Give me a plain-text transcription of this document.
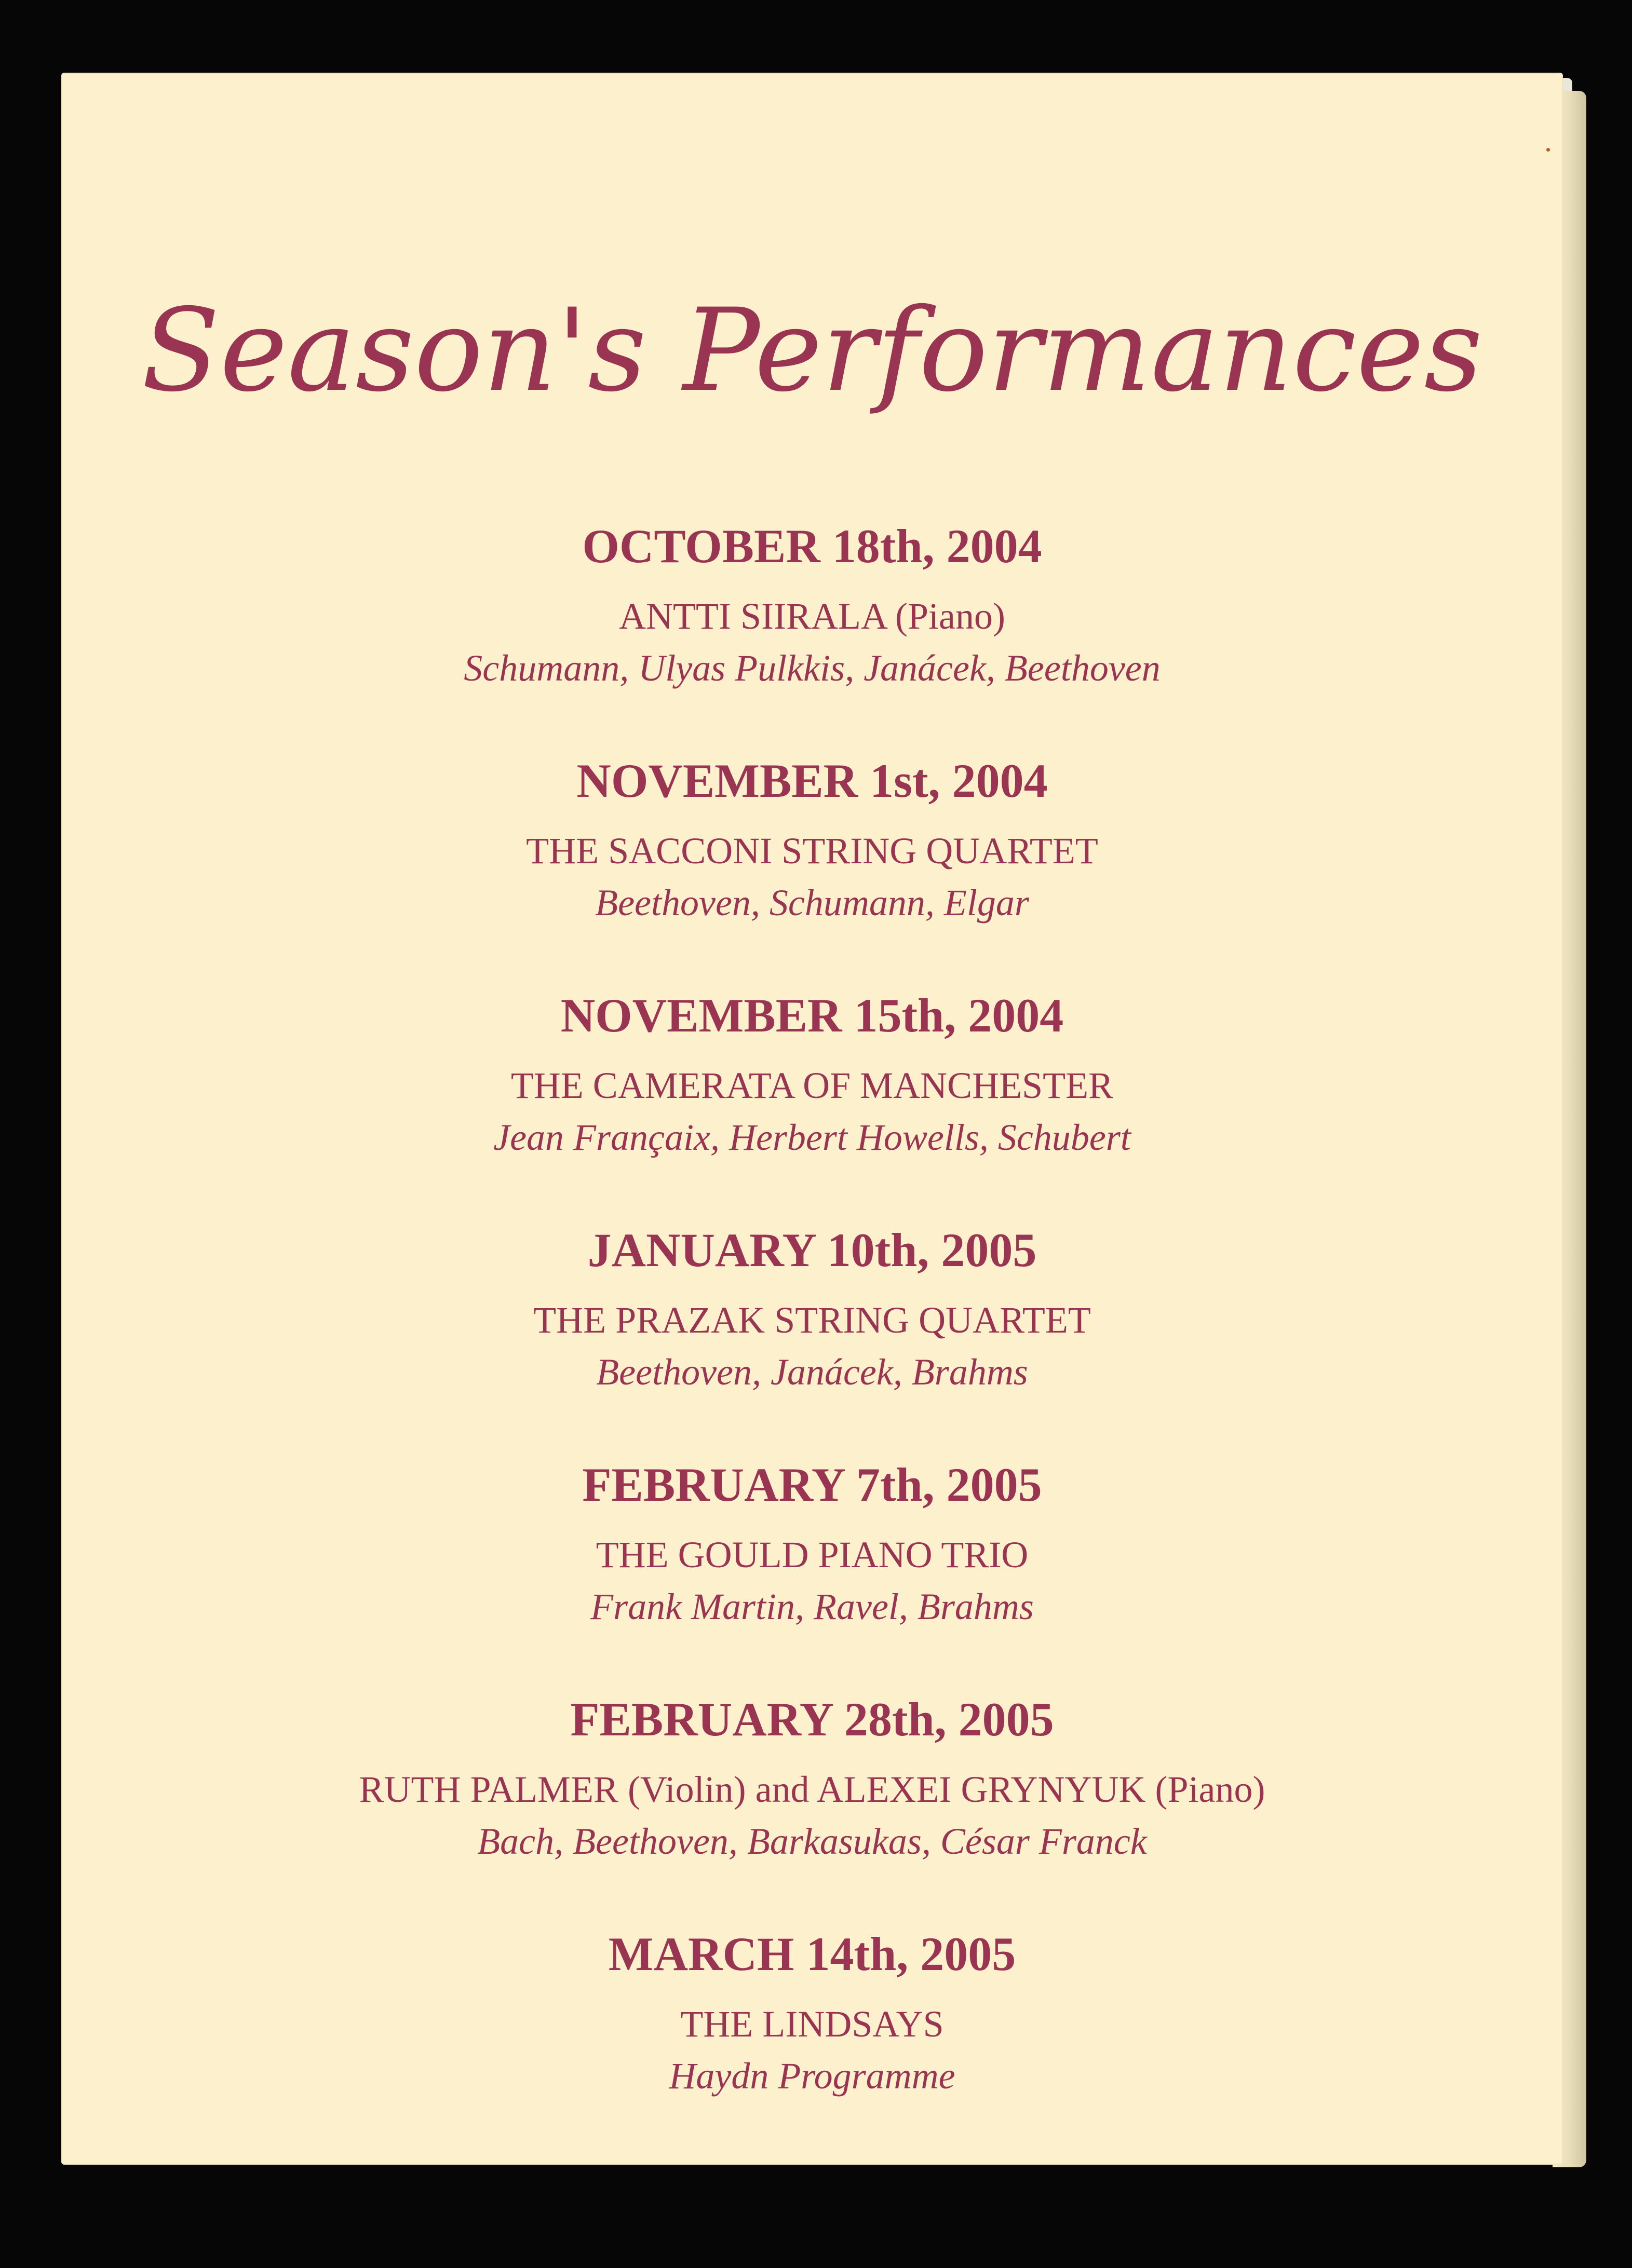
Season's Performances
OCTOBER 18th, 2004
ANTTI SIIRALA (Piano)
Schumann, Ulyas Pulkkis, Janácek, Beethoven
NOVEMBER 1st, 2004
THE SACCONI STRING QUARTET
Beethoven, Schumann, Elgar
NOVEMBER 15th, 2004
THE CAMERATA OF MANCHESTER
Jean Françaix, Herbert Howells, Schubert
JANUARY 10th, 2005
THE PRAZAK STRING QUARTET
Beethoven, Janácek, Brahms
FEBRUARY 7th, 2005
THE GOULD PIANO TRIO
Frank Martin, Ravel, Brahms
FEBRUARY 28th, 2005
RUTH PALMER (Violin) and ALEXEI GRYNYUK (Piano)
Bach, Beethoven, Barkasukas, César Franck
MARCH 14th, 2005
THE LINDSAYS
Haydn Programme
